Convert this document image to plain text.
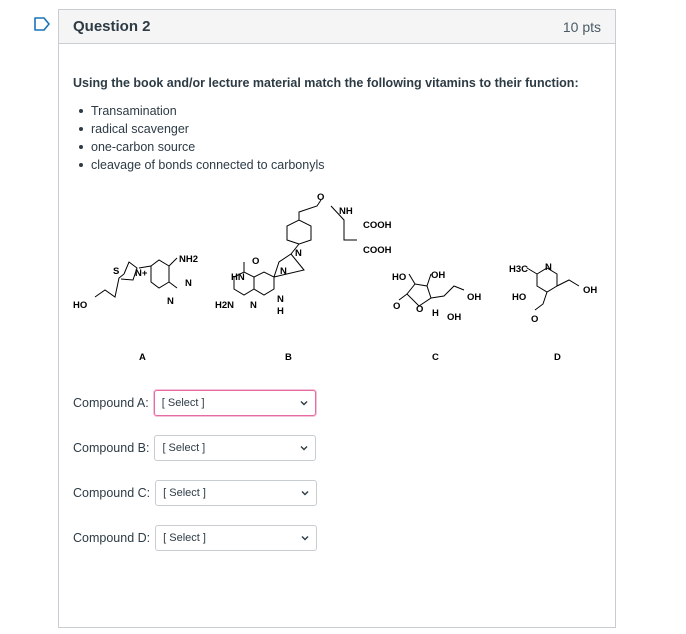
Question 2	10 pts
Using the book and/or lecture material match the following vitamins to their function:
Transamination
radical scavenger
one-carbon source
cleavage of bonds connected to carbonyls
HO
S N+
NH2
N
N
O
HN
N
N
H2N N
N
H
O
NH
COOH
COOH
HO	OH
OH
O O H OH
H3C N
HO
OH
O
A	B	C	D
Compound A: [ Select ]
Compound B: [ Select ]
Compound C: [ Select ]
Compound D: [ Select ]
